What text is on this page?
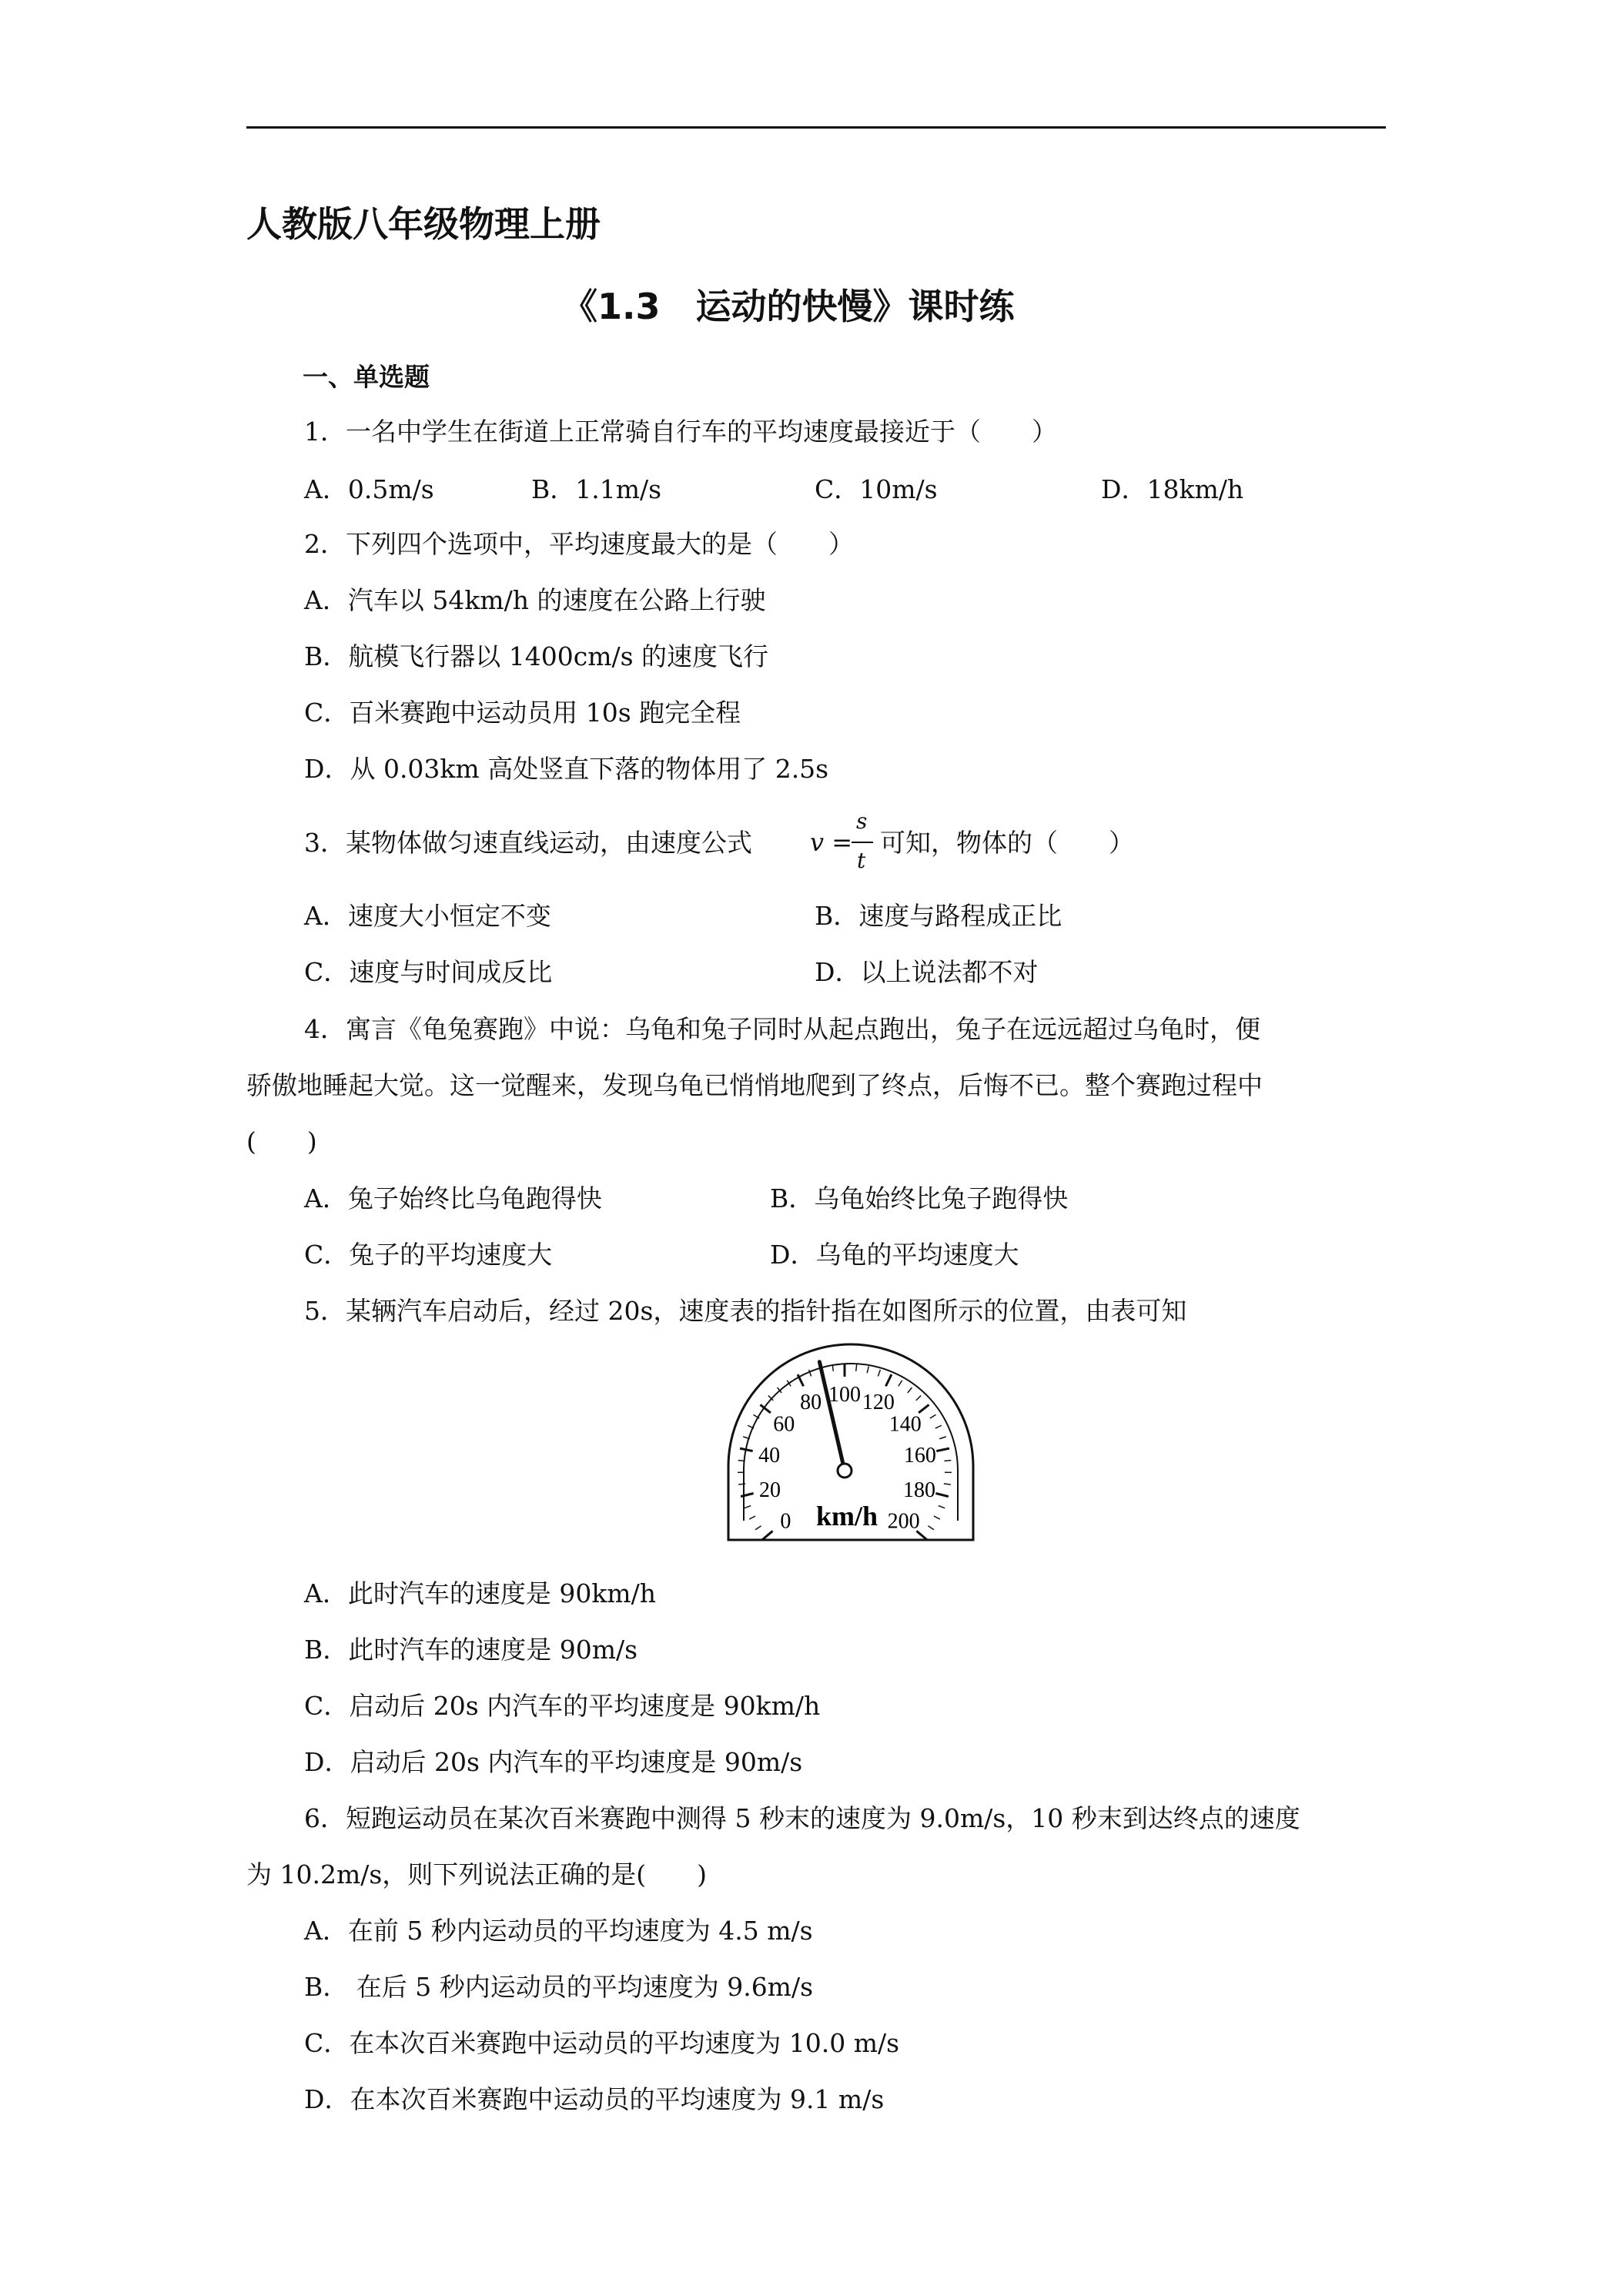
人教版八年级物理上册
《1.3　运动的快慢》课时练
一、单选题
1．一名中学生在街道上正常骑自行车的平均速度最接近于（　　）
A．0.5m/s	B．1.1m/s	C．10m/s	D．18km/h
2．下列四个选项中，平均速度最大的是（　　）
A．汽车以 54km/h 的速度在公路上行驶
B．航模飞行器以 1400cm/s 的速度飞行
C．百米赛跑中运动员用 10s 跑完全程
D．从 0.03km 高处竖直下落的物体用了 2.5s
3．某物体做匀速直线运动，由速度公式 v =
s
t
可知，物体的（　　）
A．速度大小恒定不变	B．速度与路程成正比
C．速度与时间成反比	D．以上说法都不对
4．寓言《龟兔赛跑》中说：乌龟和兔子同时从起点跑出，兔子在远远超过乌龟时，便
骄傲地睡起大觉。这一觉醒来，发现乌龟已悄悄地爬到了终点，后悔不已。整个赛跑过程中
(　　)
A．兔子始终比乌龟跑得快	B．乌龟始终比兔子跑得快
C．兔子的平均速度大	D．乌龟的平均速度大
5．某辆汽车启动后，经过 20s，速度表的指针指在如图所示的位置，由表可知
0
20
40
60
80 100 120
140
160
180
200
km/h
A．此时汽车的速度是 90km/h
B．此时汽车的速度是 90m/s
C．启动后 20s 内汽车的平均速度是 90km/h
D．启动后 20s 内汽车的平均速度是 90m/s
6．短跑运动员在某次百米赛跑中测得 5 秒末的速度为 9.0m/s，10 秒末到达终点的速度
为 10.2m/s，则下列说法正确的是(　　)
A．在前 5 秒内运动员的平均速度为 4.5 m/s
B． 在后 5 秒内运动员的平均速度为 9.6m/s
C．在本次百米赛跑中运动员的平均速度为 10.0 m/s
D．在本次百米赛跑中运动员的平均速度为 9.1 m/s
